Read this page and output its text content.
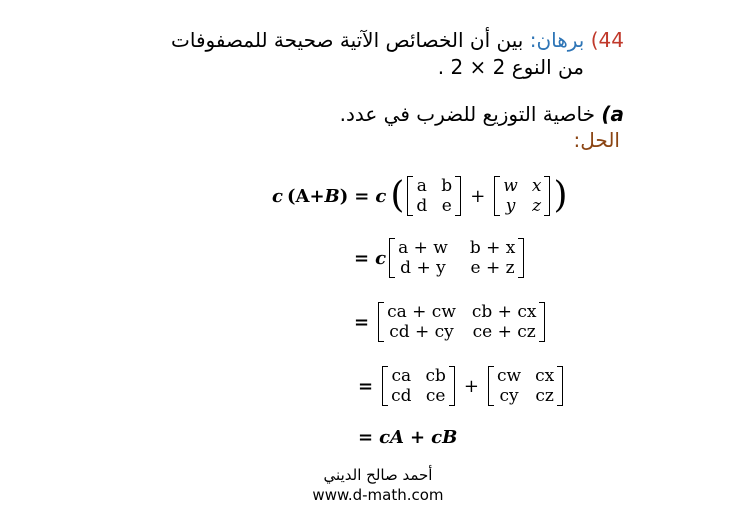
44) برهان: بين أن الخصائص الآتية صحيحة للمصفوفات
من النوع 2 × 2 .
a) خاصية التوزيع للضرب في عدد.
الحل:
c (A+ B ) = c ( a b
d e + w x
y z )
= c a + w b + x
d + y e + z
= ca + cw cb + cx
cd + cy ce + cz
= ca cb
cd ce + cw cx
cy cz
= cA + cB
أحمد صالح الديني
www.d-math.com
